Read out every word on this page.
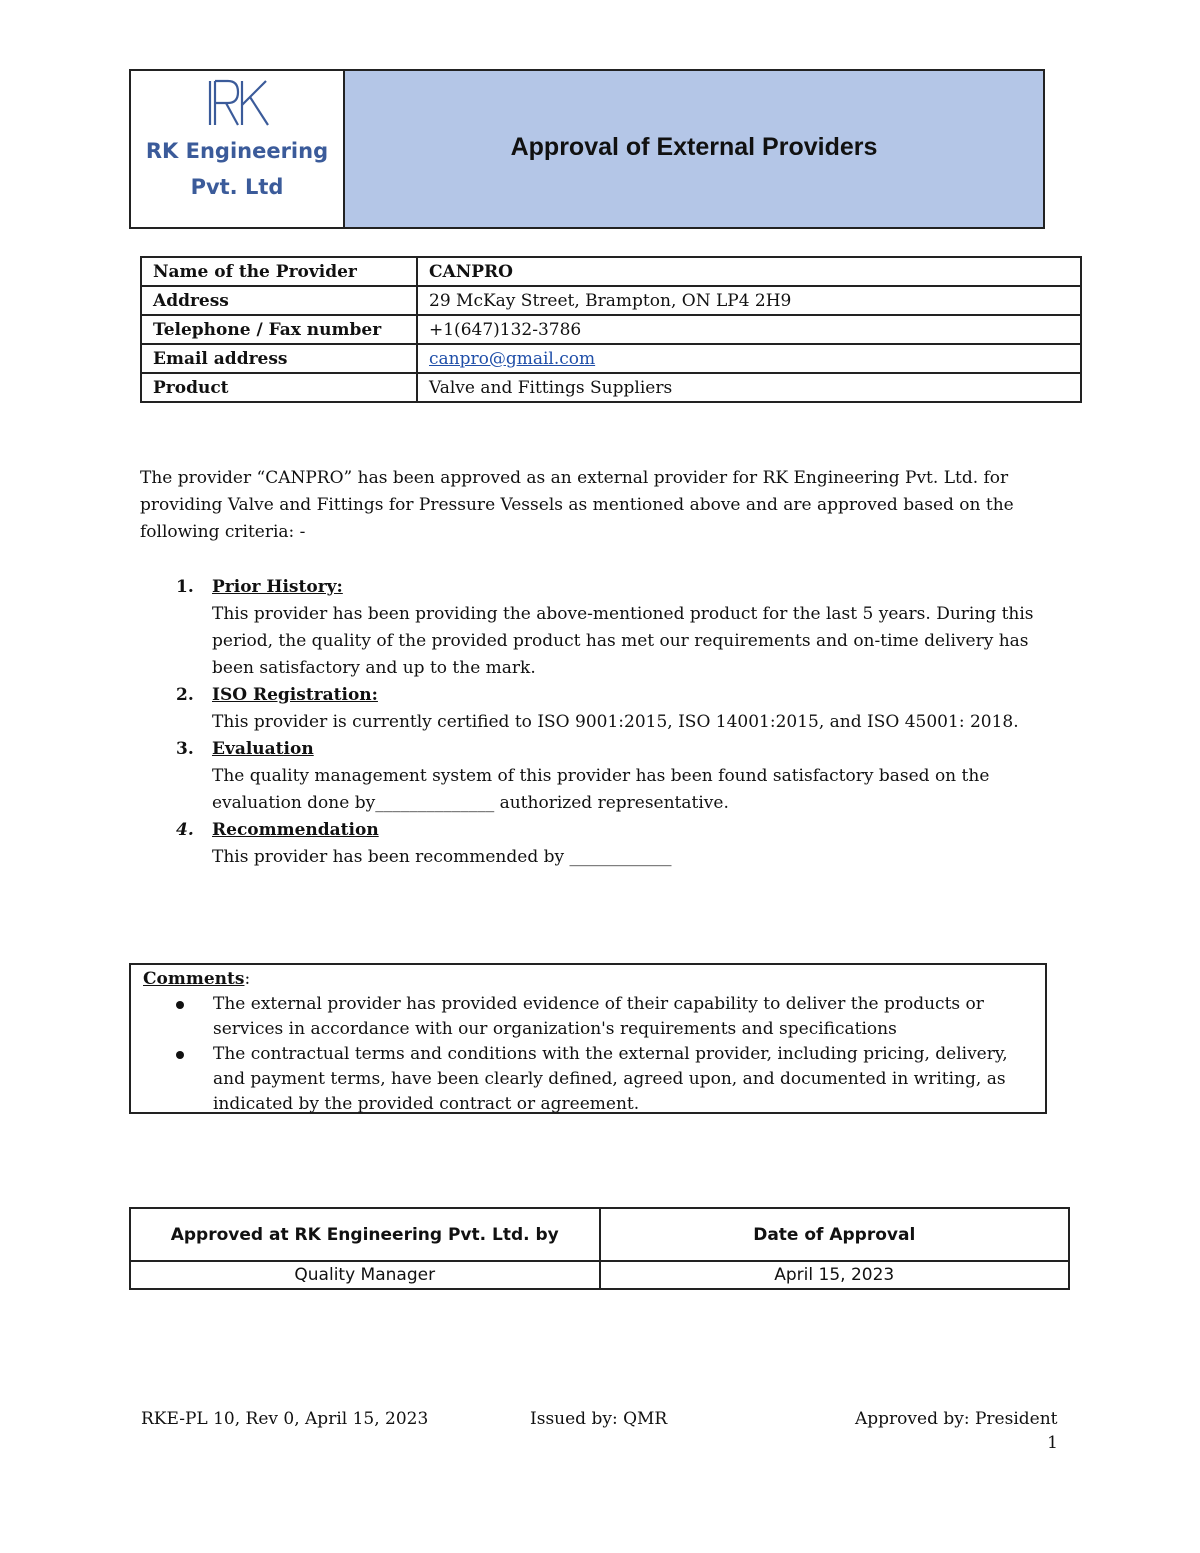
RK Engineering
Pvt. Ltd
Approval of External Providers
Name of the Provider	CANPRO
Address	29 McKay Street, Brampton, ON LP4 2H9
Telephone / Fax number	+1(647)132-3786
Email address	canpro@gmail.com
Product	Valve and Fittings Suppliers

The provider “CANPRO” has been approved as an external provider for RK Engineering Pvt. Ltd. for providing Valve and Fittings for Pressure Vessels as mentioned above and are approved based on the following criteria: -

1. Prior History:
This provider has been providing the above-mentioned product for the last 5 years. During this period, the quality of the provided product has met our requirements and on-time delivery has been satisfactory and up to the mark.
2. ISO Registration:
This provider is currently certified to ISO 9001:2015, ISO 14001:2015, and ISO 45001: 2018.
3. Evaluation
The quality management system of this provider has been found satisfactory based on the evaluation done by______________ authorized representative.
4. Recommendation
This provider has been recommended by ____________
Comments:
The external provider has provided evidence of their capability to deliver the products or services in accordance with our organization's requirements and specifications
The contractual terms and conditions with the external provider, including pricing, delivery, and payment terms, have been clearly defined, agreed upon, and documented in writing, as indicated by the provided contract or agreement.
Approved at RK Engineering Pvt. Ltd. by	Date of Approval
Quality Manager	April 15, 2023
RKE-PL 10, Rev 0, April 15, 2023	Issued by: QMR	Approved by: President
1
